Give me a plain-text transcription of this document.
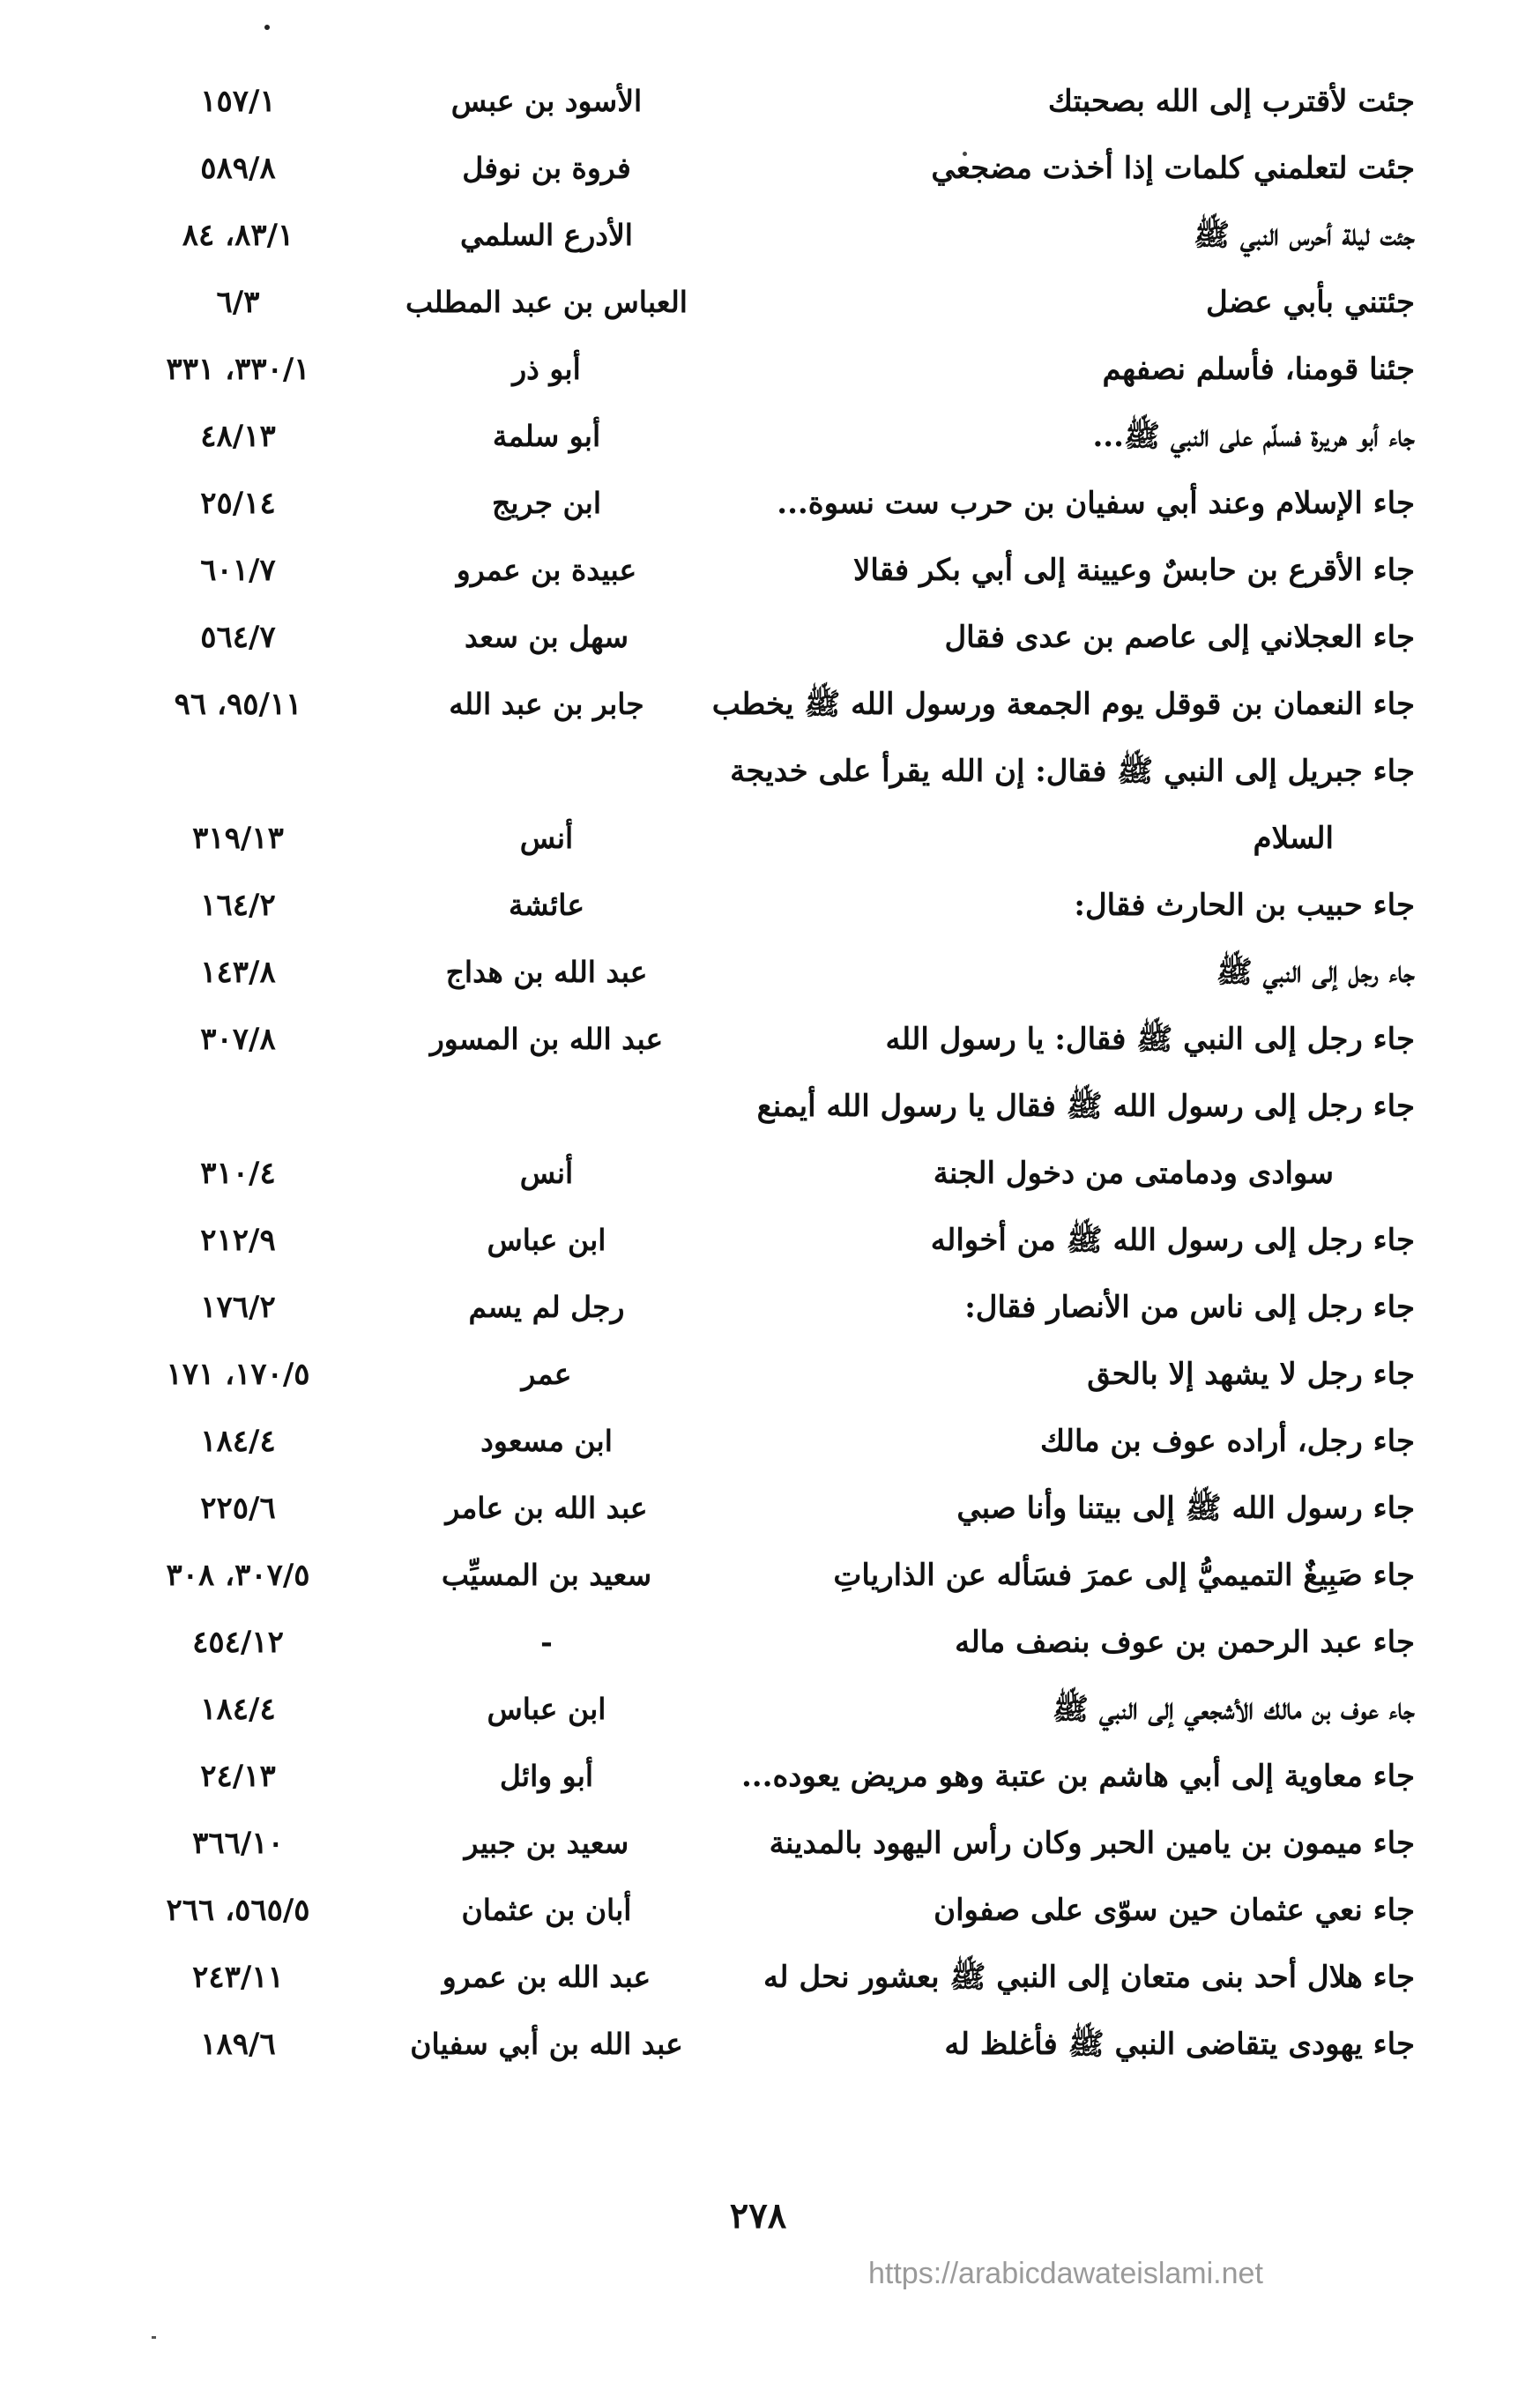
جئت لأقترب إلى الله بصحبتك
الأسود بن عبس
١٥٧/١
جئت لتعلمني كلمات إذا أخذت مضجعي
فروة بن نوفل
٥٨٩/٨
جئت ليلة أحرس النبي ﷺ
الأدرع السلمي
٨٣/١، ٨٤
جئتني بأبي عضل
العباس بن عبد المطلب
٦/٣
جئنا قومنا، فأسلم نصفهم
أبو ذر
٣٣٠/١، ٣٣١
جاء أبو هريرة فسلّم على النبي ﷺ...
أبو سلمة
٤٨/١٣
جاء الإسلام وعند أبي سفيان بن حرب ست نسوة...
ابن جريج
٢٥/١٤
جاء الأقرع بن حابسٌ وعيينة إلى أبي بكر فقالا
عبيدة بن عمرو
٦٠١/٧
جاء العجلاني إلى عاصم بن عدى فقال
سهل بن سعد
٥٦٤/٧
جاء النعمان بن قوقل يوم الجمعة ورسول الله ﷺ يخطب
جابر بن عبد الله
٩٥/١١، ٩٦
جاء جبريل إلى النبي ﷺ فقال: إن الله يقرأ على خديجة
السلام
أنس
٣١٩/١٣
جاء حبيب بن الحارث فقال:
عائشة
١٦٤/٢
جاء رجل إلى النبي ﷺ
عبد الله بن هداج
١٤٣/٨
جاء رجل إلى النبي ﷺ فقال: يا رسول الله
عبد الله بن المسور
٣٠٧/٨
جاء رجل إلى رسول الله ﷺ فقال يا رسول الله أيمنع
سوادى ودمامتى من دخول الجنة
أنس
٣١٠/٤
جاء رجل إلى رسول الله ﷺ من أخواله
ابن عباس
٢١٢/٩
جاء رجل إلى ناس من الأنصار فقال:
رجل لم يسم
١٧٦/٢
جاء رجل لا يشهد إلا بالحق
عمر
١٧٠/٥، ١٧١
جاء رجل، أراده عوف بن مالك
ابن مسعود
١٨٤/٤
جاء رسول الله ﷺ إلى بيتنا وأنا صبي
عبد الله بن عامر
٢٢٥/٦
جاء صَبِيغٌ التميميُّ إلى عمرَ فسَأله عن الذارياتِ
سعيد بن المسيِّب
٣٠٧/٥، ٣٠٨
جاء عبد الرحمن بن عوف بنصف ماله
-
٤٥٤/١٢
جاء عوف بن مالك الأشجعي إلى النبي ﷺ
ابن عباس
١٨٤/٤
جاء معاوية إلى أبي هاشم بن عتبة وهو مريض يعوده...
أبو وائل
٢٤/١٣
جاء ميمون بن يامين الحبر وكان رأس اليهود بالمدينة
سعيد بن جبير
٣٦٦/١٠
جاء نعي عثمان حين سوّى على صفوان
أبان بن عثمان
٥٦٥/٥، ٢٦٦
جاء هلال أحد بنى متعان إلى النبي ﷺ بعشور نحل له
عبد الله بن عمرو
٢٤٣/١١
جاء يهودى يتقاضى النبي ﷺ فأغلظ له
عبد الله بن أبي سفيان
١٨٩/٦
٢٧٨
https://arabicdawateislami.net
